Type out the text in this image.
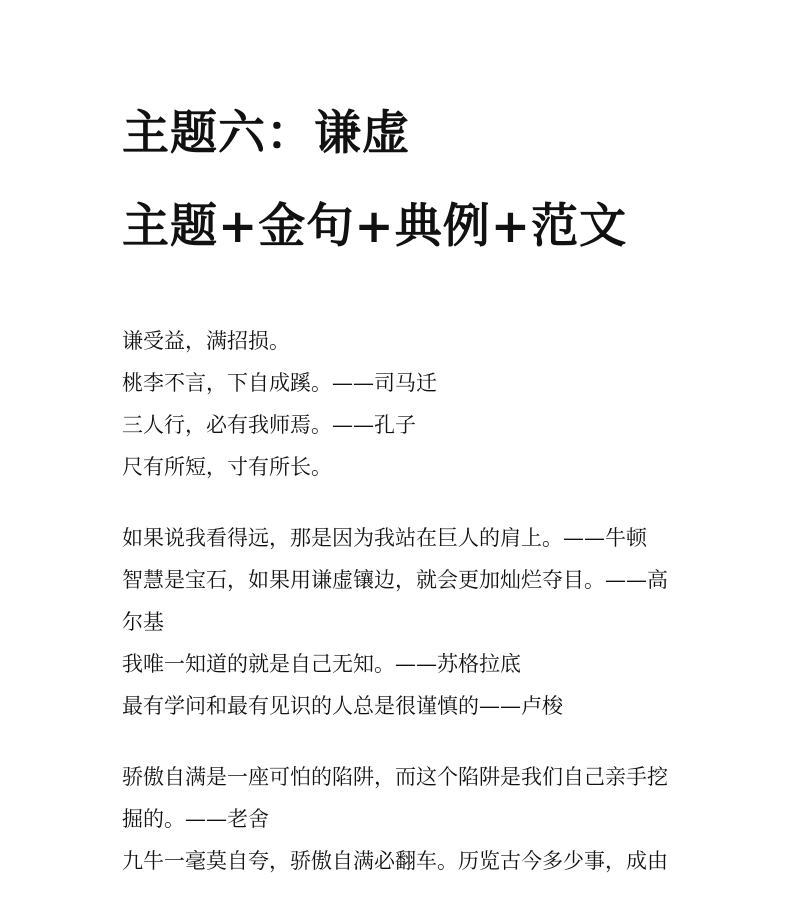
主题六：谦虚
主题+金句+典例+范文

谦受益，满招损。

桃李不言，下自成蹊。——司马迁

三人行，必有我师焉。——孔子

尺有所短，寸有所长。

如果说我看得远，那是因为我站在巨人的肩上。——牛顿

智慧是宝石，如果用谦虚镶边，就会更加灿烂夺目。——高

尔基

我唯一知道的就是自己无知。——苏格拉底

最有学问和最有见识的人总是很谨慎的——卢梭

骄傲自满是一座可怕的陷阱，而这个陷阱是我们自己亲手挖

掘的。——老舍

九牛一毫莫自夸，骄傲自满必翻车。历览古今多少事，成由
